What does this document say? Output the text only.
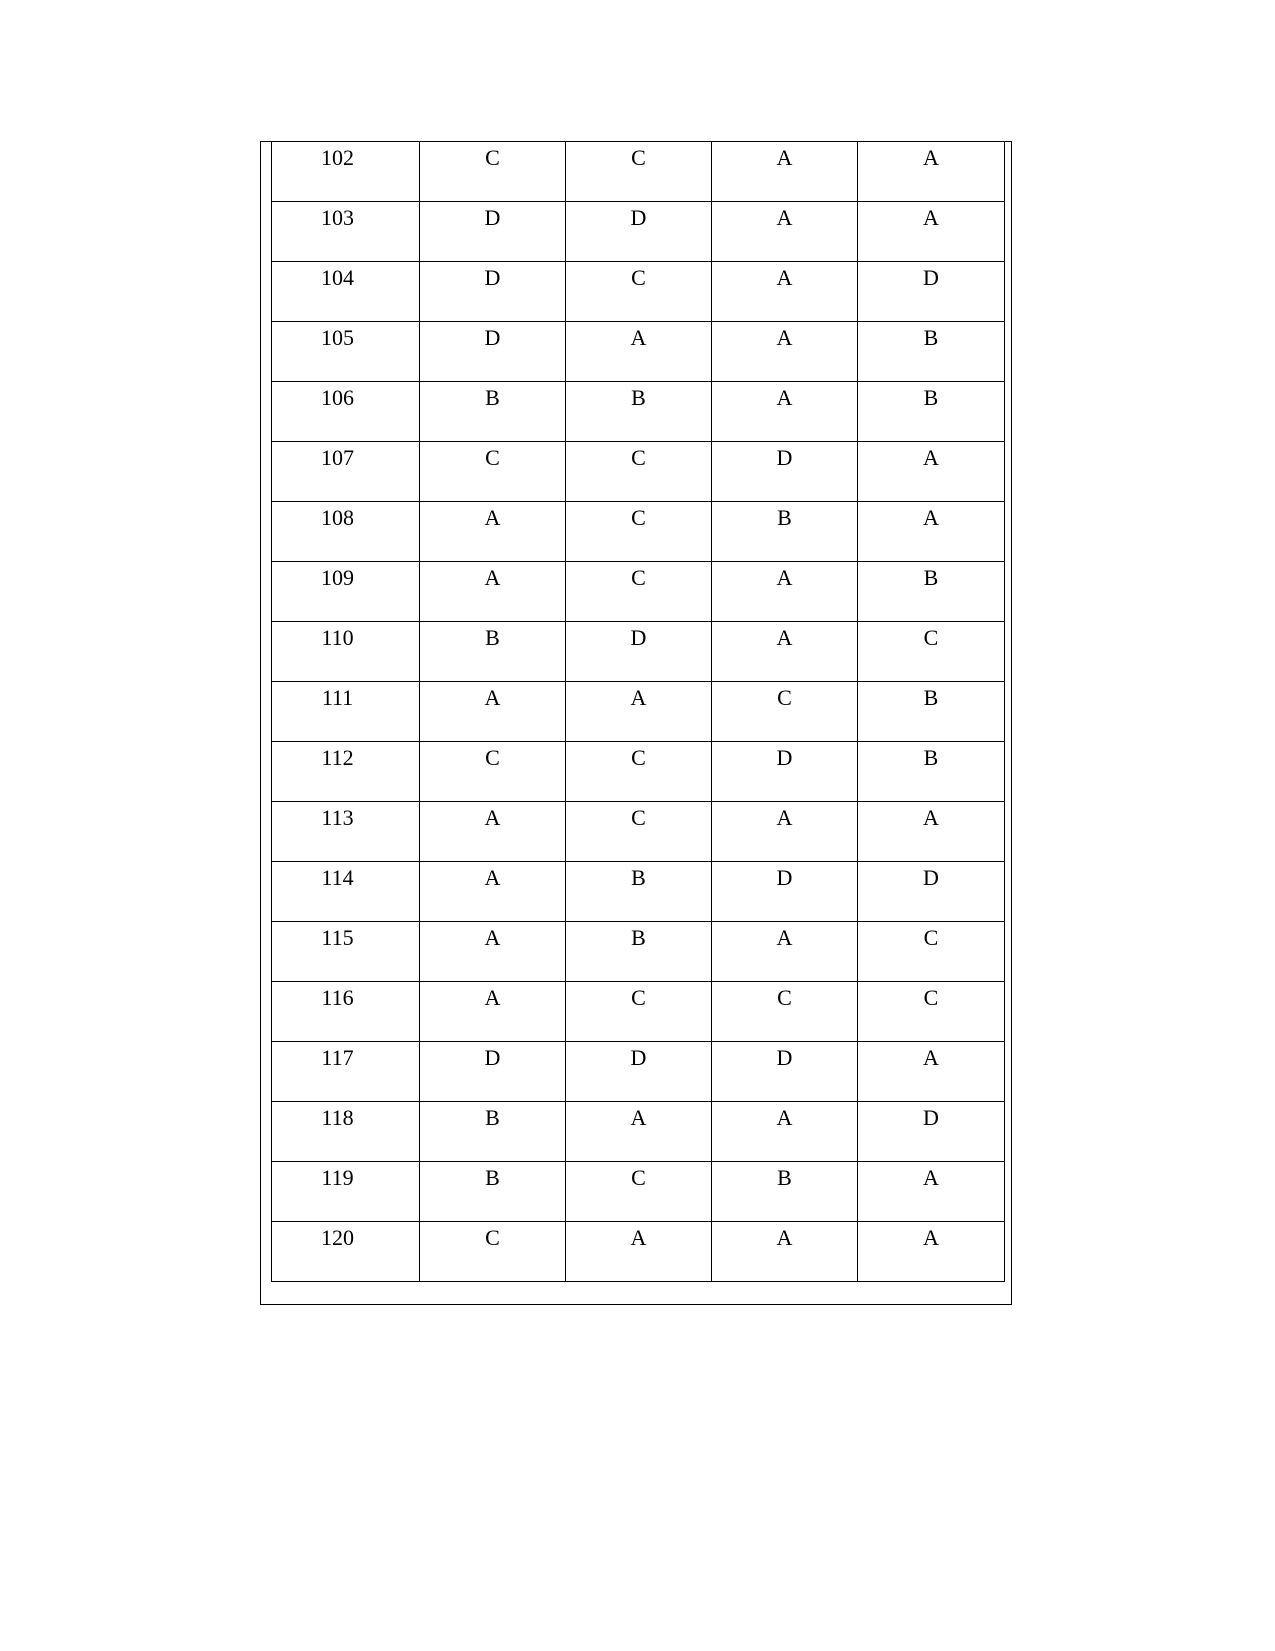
102	C	C	A	A
103	D	D	A	A
104	D	C	A	D
105	D	A	A	B
106	B	B	A	B
107	C	C	D	A
108	A	C	B	A
109	A	C	A	B
110	B	D	A	C
111	A	A	C	B
112	C	C	D	B
113	A	C	A	A
114	A	B	D	D
115	A	B	A	C
116	A	C	C	C
117	D	D	D	A
118	B	A	A	D
119	B	C	B	A
120	C	A	A	A
